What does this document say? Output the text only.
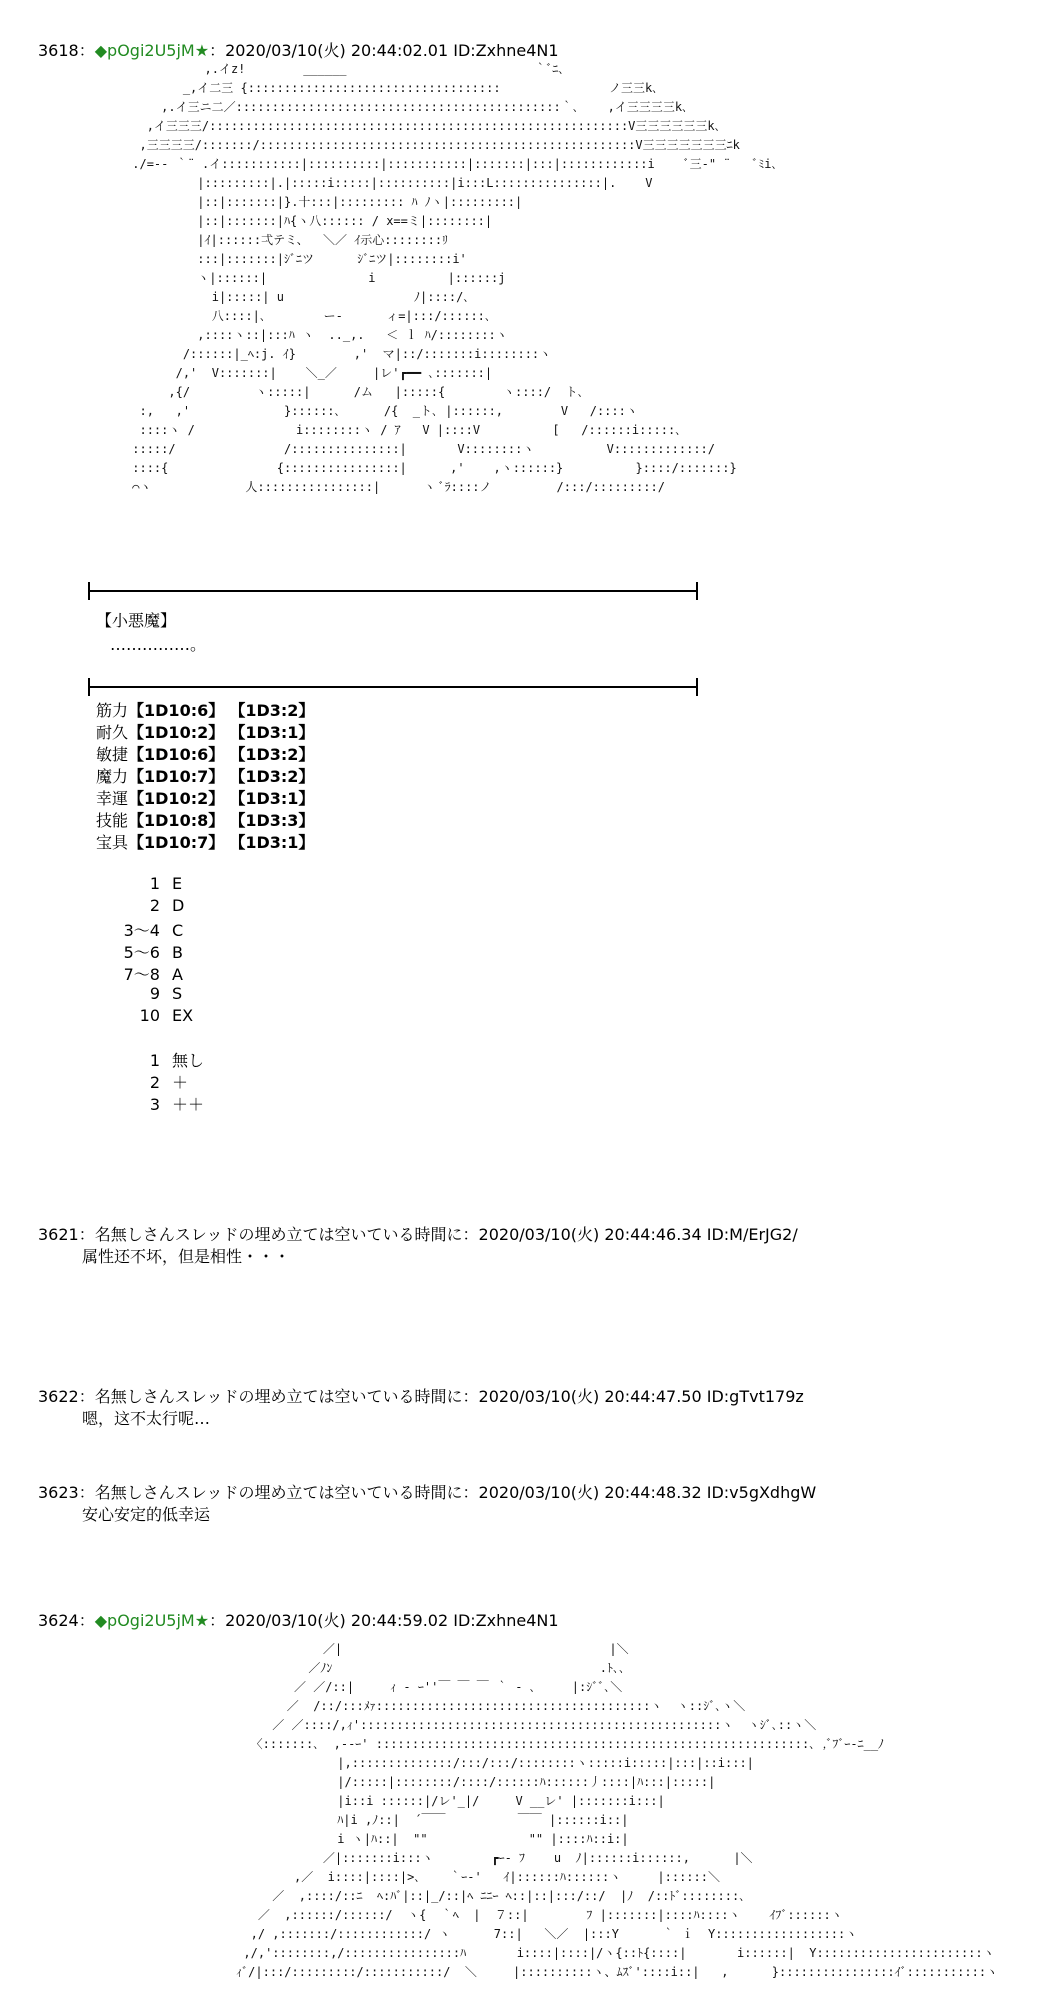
3618：◆pOgi2U5jM★：2020/03/10(火) 20:44:02.01 ID:Zxhne4N1
,.イz!        ______                          ｀ﾞﾆ､
_,イ二三 {:::::::::::::::::::::::::::::::::::               ノ三三k､
,.イ三ニ二／:::::::::::::::::::::::::::::::::::::::::::::｀､    ,イ三三三三k､
,イ三三三/::::::::::::::::::::::::::::::::::::::::::::::::::::::::::V三三三三三三k､
,三三三三/:::::::/::::::::::::::::::::::::::::::::::::::::::::::::::::V三三三三三三三ﾆk
./=‐- ｀¨ .イ:::::::::::|::::::::::|:::::::::::|:::::::|:::|::::::::::::i    ﾞ三‐" ¨   ﾞﾐi､
|:::::::::|.|:::::i:::::|::::::::::|i:::L:::::::::::::::|.    V
|::|:::::::|}.十:::|::::::::: ﾊ ﾉヽ|:::::::::|
|::|:::::::|ﾊ{ヽ八:::::: / x==ミ|::::::::|
|ｲ|::::::弌テミ、  ＼／ ｲ示心::::::::ﾘ
:::|:::::::|ｼﾞﾆツ      ｼﾞﾆツ|::::::::i'
ヽ|::::::|              i          |::::::j
i|:::::| u                  ﾉ|::::/､
八::::|､        ー‐      ィ=|:::/::::::､
,::::ヽ::|:::ﾊ ヽ  .._,.   ＜ ｌ ﾊ/::::::::ヽ
/::::::|_ﾍ:j. ｲ}        ,'  マ|::/:::::::i::::::::ヽ
/,'  V:::::::|    ＼_／     |レ'┏━━ ､:::::::|
,{/         ヽ:::::|      /ム   |:::::{        ヽ::::/  ト､
:,   ,'             }::::::､      /{  _ト､ |::::::,        V   /::::ヽ
::::ヽ /              i::::::::ヽ / ｱ   V |::::V          [   /::::::i:::::､
:::::/               /:::::::::::::::|       V::::::::ヽ          V:::::::::::::/
::::{               {::::::::::::::::|      ,'    ,ヽ::::::}          }::::/:::::::}
⌒ヽ             人::::::::::::::::|      ヽ ﾞﾗ::::ノ         /:::/:::::::::/
【小悪魔】
……………。
筋力【1D10:6】 【1D3:2】
耐久【1D10:2】 【1D3:1】
敏捷【1D10:6】 【1D3:2】
魔力【1D10:7】 【1D3:2】
幸運【1D10:2】 【1D3:1】
技能【1D10:8】 【1D3:3】
宝具【1D10:7】 【1D3:1】
1 E
2 D
3～4 C
5～6 B
7～8 A
9 S
10 EX
1 無し
2 ＋
3 ＋＋
3621：名無しさんスレッドの埋め立ては空いている時間に：2020/03/10(火) 20:44:46.34 ID:M/ErJG2/
属性还不坏，但是相性・・・
3622：名無しさんスレッドの埋め立ては空いている時間に：2020/03/10(火) 20:44:47.50 ID:gTvt179z
嗯，这不太行呢…
3623：名無しさんスレッドの埋め立ては空いている時間に：2020/03/10(火) 20:44:48.32 ID:v5gXdhgW
安心安定的低幸运
3624：◆pOgi2U5jM★：2020/03/10(火) 20:44:59.02 ID:Zxhne4N1
／|                                     |＼
／ﾉﾝ                                     .ﾄ､､
／ ／/::|     ｨ ‐ ｰ''￣ ￣ ￣ ｀ ‐ ､     |:ｼﾞﾞ､＼
／  /::/:::ﾒｧ::::::::::::::::::::::::::::::::::::::ヽ  ヽ::ｼﾞ､ヽ＼
／ ／::::/,ｨ'::::::::::::::::::::::::::::::::::::::::::::::::::ヽ  ヽｼﾞ､::ヽ＼
〈:::::::､  ,-‐ｰ' ::::::::::::::::::::::::::::::::::::::::::::::::::::::::::::､ ,ﾞﾌﾞｰ‐ﾆ__ﾉ
|,::::::::::::::/:::/:::/::::::::ヽ:::::i:::::|:::|::i:::|
|/:::::|::::::::/::::/::::::ﾊ::::::丿::::|ﾊ:::|:::::|
|i::i ::::::|/レ'_|/     V __レ' |:::::::i:::|
ﾊ|i ,ﾉ::|  ´￣￣          ￣￣ |::::::i::|
i ヽ|ﾊ::|  ""              "" |::::ﾊ::i:|
／|:::::::i:::ヽ        ┏ｰ‐ ﾌ    u  ﾉ|::::::i::::::,      |＼
,／  i::::|::::|>､    ｀ｰ‐'   ｲ|::::::ﾊ::::::ヽ     |::::::＼
／  ,::::/::ﾆ  ﾍ:ﾊﾞ|::|_/::|ﾍ ﾆﾆｰ ﾍ::|::|:::/::/  |ﾉ  /::ﾄﾞ::::::::､
／  ,::::::/::::::/  ヽ{  ｀ﾍ  |  ７::|        ﾌ |:::::::|::::ﾊ::::ヽ    ｲﾌﾞ::::::ヽ
,/ ,:::::::/::::::::::::/ ヽ      7::|   ＼／  |:::Y      ｀ ｉ  Y::::::::::::::::::ヽ
,/,'::::::::,/::::::::::::::::ﾊ       i::::|::::|/ヽ{::ﾄ{::::|       i::::::|  Y:::::::::::::::::::::::ヽ
ｨﾞ/|:::/:::::::::/:::::::::::/  ＼     |::::::::::ヽ、ﾑｽﾞ'::::i::|   ,      }::::::::::::::::ｲﾞ:::::::::::ヽ
